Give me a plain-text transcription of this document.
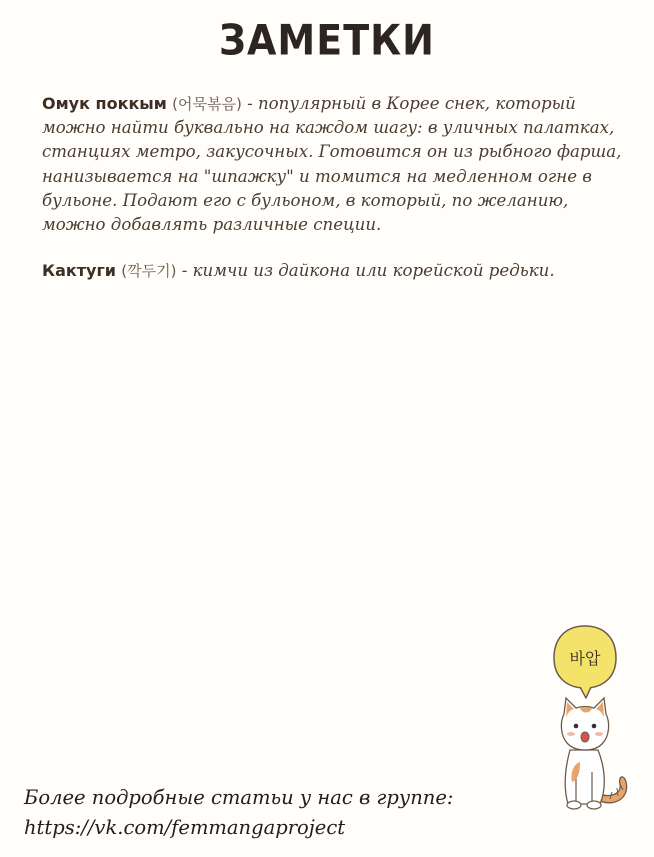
ЗАМЕТКИ

Омук поккым (어묵볶음) - популярный в Корее снек, который можно найти буквально на каждом шагу: в уличных палатках, станциях метро, закусочных. Готовится он из рыбного фарша, нанизывается на "шпажку" и томится на медленном огне в бульоне. Подают его с бульоном, в который, по желанию, можно добавлять различные специи.

Кактуги (깍두기) - кимчи из дайкона или корейской редьки.

바압
Более подробные статьи у нас в группе:
https://vk.com/femmangaproject
